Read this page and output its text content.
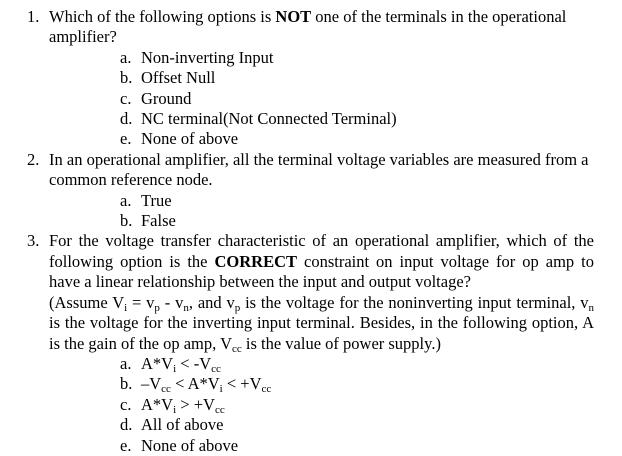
1. Which of the following options is NOT one of the terminals in the operational amplifier?
a. Non-inverting Input
b. Offset Null
c. Ground
d. NC terminal(Not Connected Terminal)
e. None of above
2. In an operational amplifier, all the terminal voltage variables are measured from a common reference node.
a. True
b. False
3. For the voltage transfer characteristic of an operational amplifier, which of the following option is the CORRECT constraint on input voltage for op amp to have a linear relationship between the input and output voltage?
(Assume $V_i = v_p - v_n$, and $v_p$ is the voltage for the noninverting input terminal, $v_n$ is the voltage for the inverting input terminal. Besides, in the following option, A is the gain of the op amp, $V_{cc}$ is the value of power supply.)
a. $A*V_i < -V_{cc}$
b. $-V_{cc} < A*V_i < +V_{cc}$
c. $A*V_i > +V_{cc}$
d. All of above
e. None of above
